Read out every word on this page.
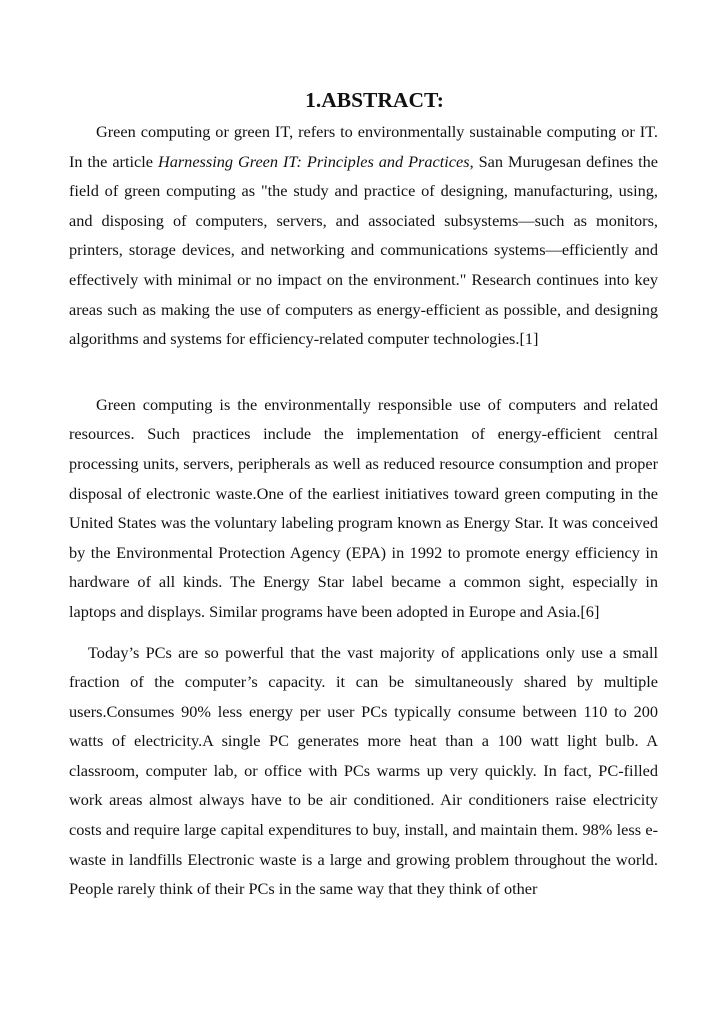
1.ABSTRACT:

Green computing or green IT, refers to environmentally sustainable computing or IT. In the article Harnessing Green IT: Principles and Practices, San Murugesan defines the field of green computing as "the study and practice of designing, manufacturing, using, and disposing of computers, servers, and associated subsystems—such as monitors, printers, storage devices, and networking and communications systems—efficiently and effectively with minimal or no impact on the environment." Research continues into key areas such as making the use of computers as energy-efficient as possible, and designing algorithms and systems for efficiency-related computer technologies.[1]

Green computing is the environmentally responsible use of computers and related resources. Such practices include the implementation of energy-efficient central processing units, servers, peripherals as well as reduced resource consumption and proper disposal of electronic waste.One of the earliest initiatives toward green computing in the United States was the voluntary labeling program known as Energy Star. It was conceived by the Environmental Protection Agency (EPA) in 1992 to promote energy efficiency in hardware of all kinds. The Energy Star label became a common sight, especially in laptops and displays. Similar programs have been adopted in Europe and Asia.[6]

Today’s PCs are so powerful that the vast majority of applications only use a small fraction of the computer’s capacity. it can be simultaneously shared by multiple users.Consumes 90% less energy per user PCs typically consume between 110 to 200 watts of electricity.A single PC generates more heat than a 100 watt light bulb. A classroom, computer lab, or office with PCs warms up very quickly. In fact, PC-filled work areas almost always have to be air conditioned. Air conditioners raise electricity costs and require large capital expenditures to buy, install, and maintain them. 98% less e-waste in landfills Electronic waste is a large and growing problem throughout the world. People rarely think of their PCs in the same way that they think of other
